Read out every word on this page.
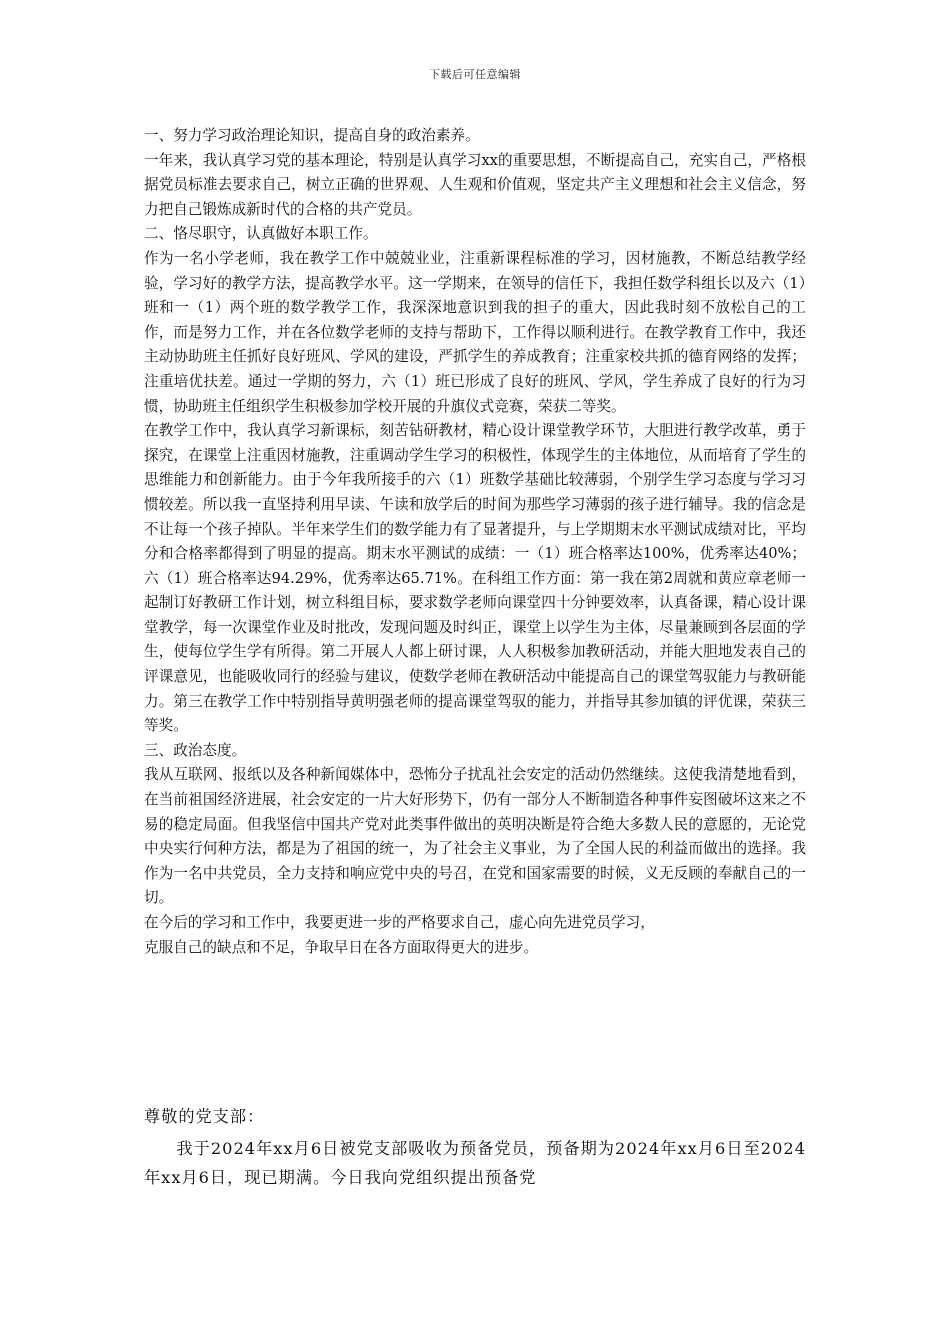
下载后可任意编辑

一、努力学习政治理论知识，提高自身的政治素养。

一年来，我认真学习党的基本理论，特别是认真学习xx的重要思想，不断提高自己，充实自己，严格根据党员标准去要求自己，树立正确的世界观、人生观和价值观，坚定共产主义理想和社会主义信念，努力把自己锻炼成新时代的合格的共产党员。

二、恪尽职守，认真做好本职工作。

作为一名小学老师，我在教学工作中兢兢业业，注重新课程标准的学习，因材施教，不断总结教学经验，学习好的教学方法，提高教学水平。这一学期来，在领导的信任下，我担任数学科组长以及六（1）班和一（1）两个班的数学教学工作，我深深地意识到我的担子的重大，因此我时刻不放松自己的工作，而是努力工作，并在各位数学老师的支持与帮助下，工作得以顺利进行。在教学教育工作中，我还主动协助班主任抓好良好班风、学风的建设，严抓学生的养成教育；注重家校共抓的德育网络的发挥；注重培优扶差。通过一学期的努力，六（1）班已形成了良好的班风、学风，学生养成了良好的行为习惯，协助班主任组织学生积极参加学校开展的升旗仪式竞赛，荣获二等奖。

在教学工作中，我认真学习新课标，刻苦钻研教材，精心设计课堂教学环节，大胆进行教学改革，勇于探究，在课堂上注重因材施教，注重调动学生学习的积极性，体现学生的主体地位，从而培育了学生的思维能力和创新能力。由于今年我所接手的六（1）班数学基础比较薄弱，个别学生学习态度与学习习惯较差。所以我一直坚持利用早读、午读和放学后的时间为那些学习薄弱的孩子进行辅导。我的信念是不让每一个孩子掉队。半年来学生们的数学能力有了显著提升，与上学期期末水平测试成绩对比，平均分和合格率都得到了明显的提高。期末水平测试的成绩：一（1）班合格率达100%，优秀率达40%；六（1）班合格率达94.29%，优秀率达65.71%。在科组工作方面：第一我在第2周就和黄应章老师一起制订好教研工作计划，树立科组目标，要求数学老师向课堂四十分钟要效率，认真备课，精心设计课堂教学，每一次课堂作业及时批改，发现问题及时纠正，课堂上以学生为主体，尽量兼顾到各层面的学生，使每位学生学有所得。第二开展人人都上研讨课，人人积极参加教研活动，并能大胆地发表自己的评课意见，也能吸收同行的经验与建议，使数学老师在教研活动中能提高自己的课堂驾驭能力与教研能力。第三在教学工作中特别指导黄明强老师的提高课堂驾驭的能力，并指导其参加镇的评优课，荣获三等奖。

三、政治态度。

我从互联网、报纸以及各种新闻媒体中，恐怖分子扰乱社会安定的活动仍然继续。这使我清楚地看到，在当前祖国经济进展，社会安定的一片大好形势下，仍有一部分人不断制造各种事件妄图破坏这来之不易的稳定局面。但我坚信中国共产党对此类事件做出的英明决断是符合绝大多数人民的意愿的，无论党中央实行何种方法，都是为了祖国的统一，为了社会主义事业，为了全国人民的利益而做出的选择。我作为一名中共党员，全力支持和响应党中央的号召，在党和国家需要的时候，义无反顾的奉献自己的一切。

在今后的学习和工作中，我要更进一步的严格要求自己，虚心向先进党员学习，

克服自己的缺点和不足，争取早日在各方面取得更大的进步。

尊敬的党支部：

我于2024年xx月6日被党支部吸收为预备党员，预备期为2024年xx月6日至2024年xx月6日，现已期满。今日我向党组织提出预备党
